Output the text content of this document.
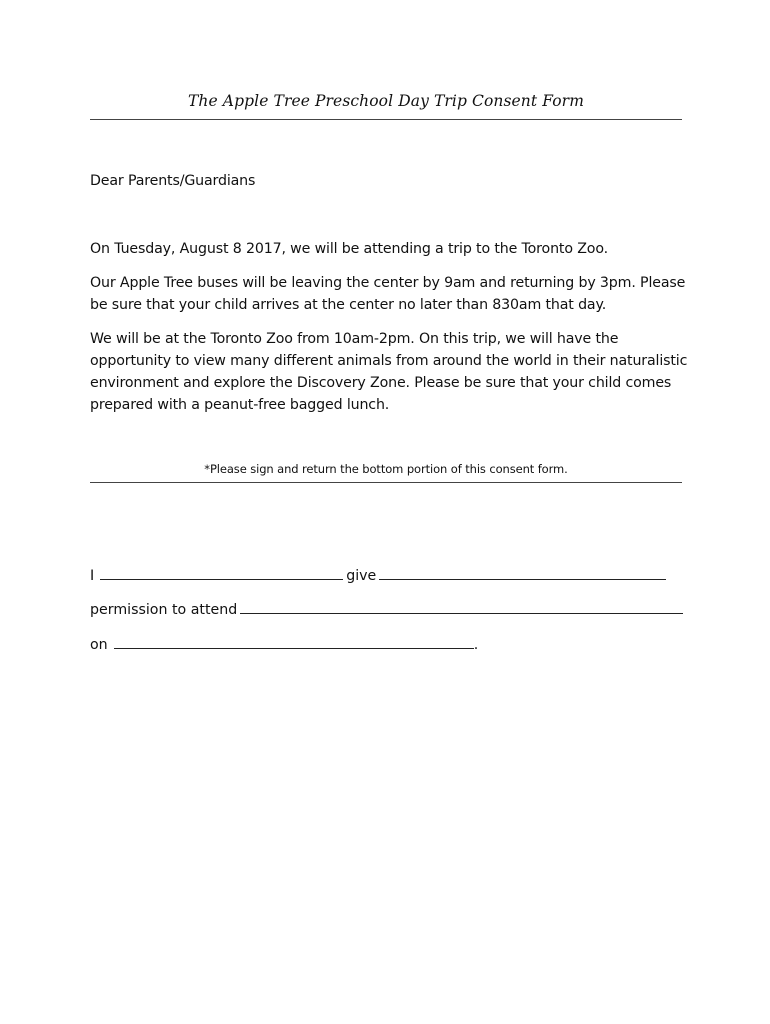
The Apple Tree Preschool Day Trip Consent Form
Dear Parents/Guardians
On Tuesday, August 8 2017, we will be attending a trip to the Toronto Zoo.
Our Apple Tree buses will be leaving the center by 9am and returning by 3pm. Please be sure that your child arrives at the center no later than 830am that day.
We will be at the Toronto Zoo from 10am-2pm. On this trip, we will have the opportunity to view many different animals from around the world in their naturalistic environment and explore the Discovery Zone. Please be sure that your child comes prepared with a peanut-free bagged lunch.
*Please sign and return the bottom portion of this consent form.
I	give
permission to attend
on	.
